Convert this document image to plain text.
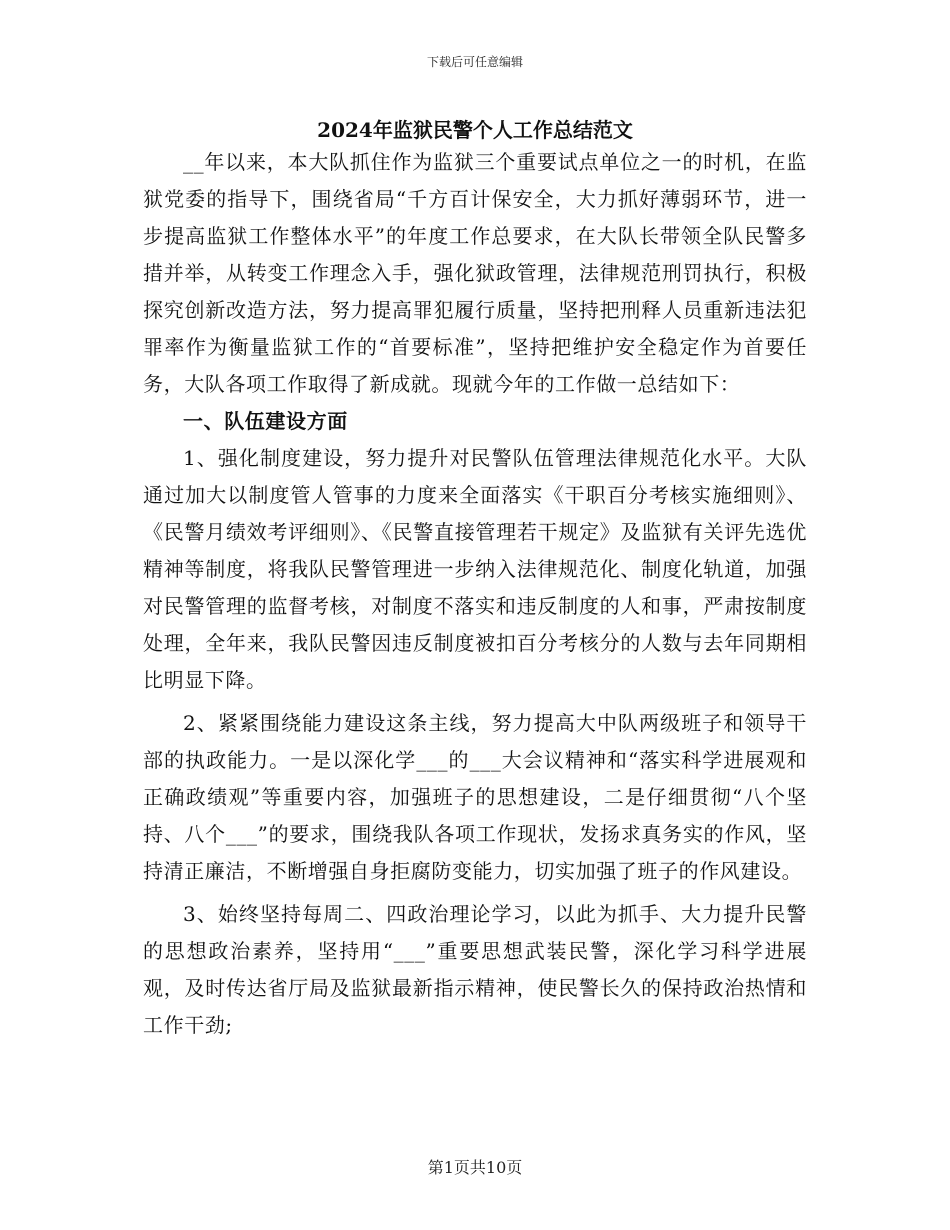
下载后可任意编辑
2024年监狱民警个人工作总结范文

__年以来，本大队抓住作为监狱三个重要试点单位之一的时机，在监狱党委的指导下，围绕省局“千方百计保安全，大力抓好薄弱环节，进一步提高监狱工作整体水平”的年度工作总要求，在大队长带领全队民警多措并举，从转变工作理念入手，强化狱政管理，法律规范刑罚执行，积极探究创新改造方法，努力提高罪犯履行质量，坚持把刑释人员重新违法犯罪率作为衡量监狱工作的“首要标准”，坚持把维护安全稳定作为首要任务，大队各项工作取得了新成就。现就今年的工作做一总结如下：

一、队伍建设方面

1、强化制度建设，努力提升对民警队伍管理法律规范化水平。大队通过加大以制度管人管事的力度来全面落实《干职百分考核实施细则》、《民警月绩效考评细则》、《民警直接管理若干规定》及监狱有关评先选优精神等制度，将我队民警管理进一步纳入法律规范化、制度化轨道，加强对民警管理的监督考核，对制度不落实和违反制度的人和事，严肃按制度处理，全年来，我队民警因违反制度被扣百分考核分的人数与去年同期相比明显下降。

2、紧紧围绕能力建设这条主线，努力提高大中队两级班子和领导干部的执政能力。一是以深化学___的___大会议精神和“落实科学进展观和正确政绩观”等重要内容，加强班子的思想建设，二是仔细贯彻“八个坚持、八个___”的要求，围绕我队各项工作现状，发扬求真务实的作风，坚持清正廉洁，不断增强自身拒腐防变能力，切实加强了班子的作风建设。

3、始终坚持每周二、四政治理论学习，以此为抓手、大力提升民警的思想政治素养，坚持用“___”重要思想武装民警，深化学习科学进展观，及时传达省厅局及监狱最新指示精神，使民警长久的保持政治热情和工作干劲;

第1页共10页
